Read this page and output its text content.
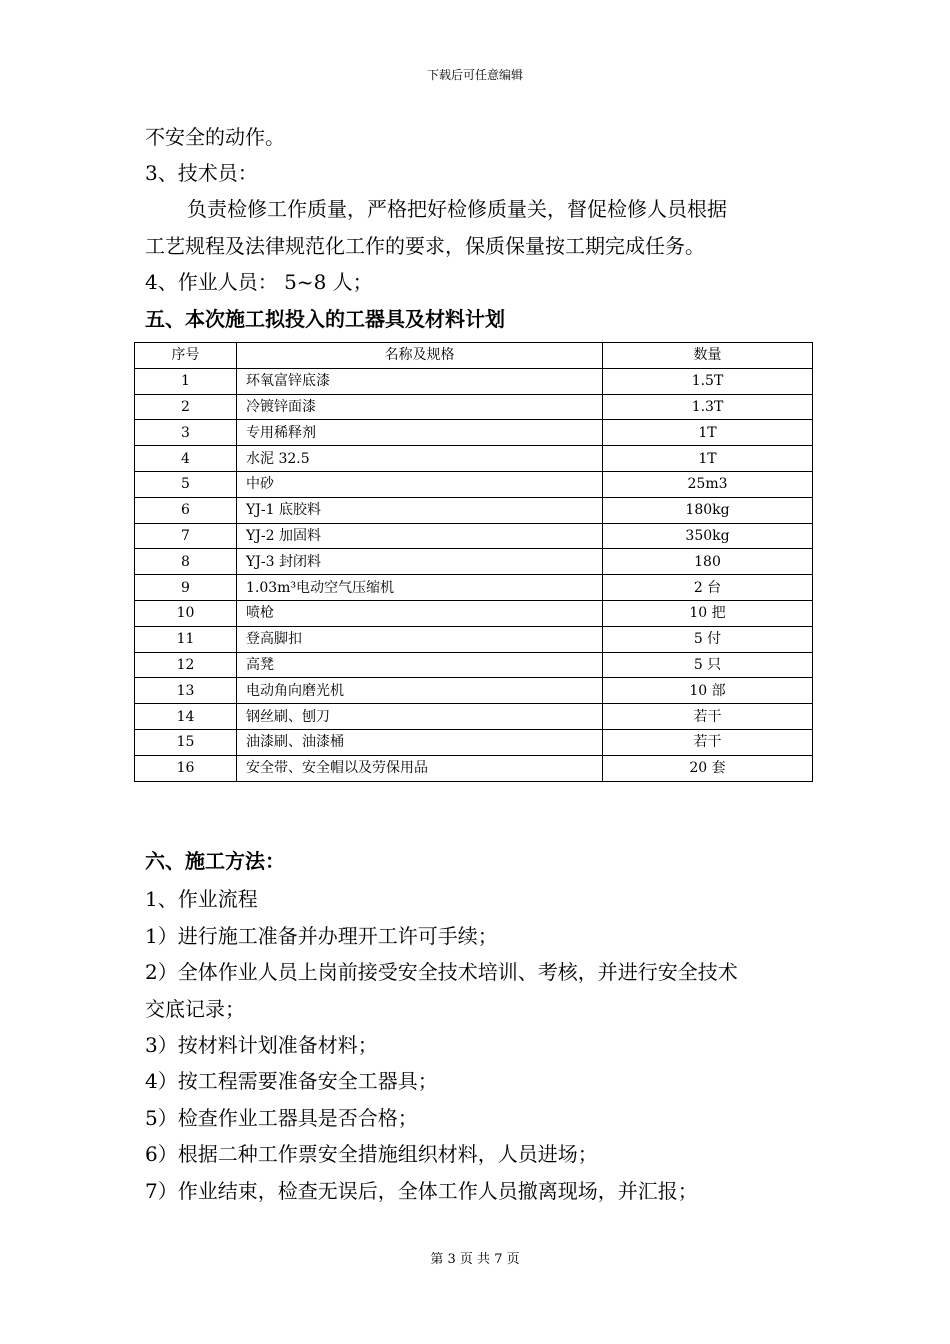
下载后可任意编辑
不安全的动作。
3、技术员：
负责检修工作质量，严格把好检修质量关，督促检修人员根据
工艺规程及法律规范化工作的要求，保质保量按工期完成任务。
4、作业人员： 5~8 人；
五、本次施工拟投入的工器具及材料计划
序号	名称及规格	数量
1	环氧富锌底漆	1.5T
2	冷镀锌面漆	1.3T
3	专用稀释剂	1T
4	水泥 32.5	1T
5	中砂	25m3
6	YJ-1 底胶料	180kg
7	YJ-2 加固料	350kg
8	YJ-3 封闭料	180
9	1.03m³电动空气压缩机	2 台
10	喷枪	10 把
11	登高脚扣	5 付
12	高凳	5 只
13	电动角向磨光机	10 部
14	钢丝刷、刨刀	若干
15	油漆刷、油漆桶	若干
16	安全带、安全帽以及劳保用品	20 套
六、施工方法：
1、作业流程
1）进行施工准备并办理开工许可手续；
2）全体作业人员上岗前接受安全技术培训、考核，并进行安全技术
交底记录；
3）按材料计划准备材料；
4）按工程需要准备安全工器具；
5）检查作业工器具是否合格；
6）根据二种工作票安全措施组织材料，人员进场；
7）作业结束，检查无误后，全体工作人员撤离现场，并汇报；
第 3 页 共 7 页
